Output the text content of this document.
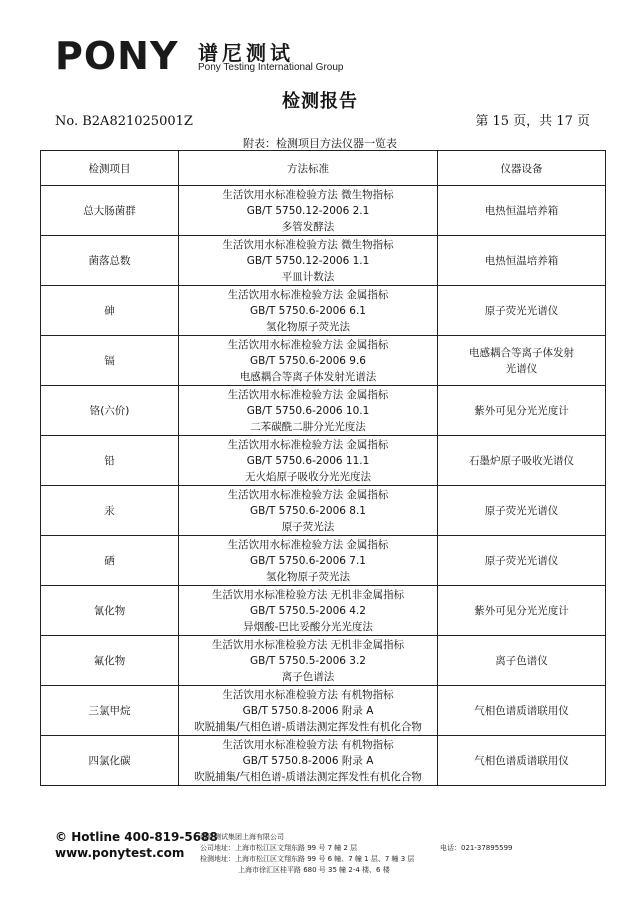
PONY 谱尼测试
Pony Testing International Group
检测报告
No. B2A821025001Z	第 15 页，共 17 页
附表：检测项目方法仪器一览表
检测项目	方法标准	仪器设备
总大肠菌群	生活饮用水标准检验方法 微生物指标
GB/T 5750.12-2006 2.1
多管发酵法	电热恒温培养箱

菌落总数	生活饮用水标准检验方法 微生物指标
GB/T 5750.12-2006 1.1
平皿计数法	电热恒温培养箱

砷	生活饮用水标准检验方法 金属指标
GB/T 5750.6-2006 6.1
氢化物原子荧光法	原子荧光光谱仪

镉	生活饮用水标准检验方法 金属指标
GB/T 5750.6-2006 9.6
电感耦合等离子体发射光谱法	电感耦合等离子体发射
光谱仪

铬(六价)	生活饮用水标准检验方法 金属指标
GB/T 5750.6-2006 10.1
二苯碳酰二肼分光光度法	紫外可见分光光度计

铅	生活饮用水标准检验方法 金属指标
GB/T 5750.6-2006 11.1
无火焰原子吸收分光光度法	石墨炉原子吸收光谱仪

汞	生活饮用水标准检验方法 金属指标
GB/T 5750.6-2006 8.1
原子荧光法	原子荧光光谱仪

硒	生活饮用水标准检验方法 金属指标
GB/T 5750.6-2006 7.1
氢化物原子荧光法	原子荧光光谱仪

氰化物	生活饮用水标准检验方法 无机非金属指标
GB/T 5750.5-2006 4.2
异烟酸-巴比妥酸分光光度法	紫外可见分光光度计

氟化物	生活饮用水标准检验方法 无机非金属指标
GB/T 5750.5-2006 3.2
离子色谱法	离子色谱仪

三氯甲烷	生活饮用水标准检验方法 有机物指标
GB/T 5750.8-2006 附录 A
吹脱捕集/气相色谱-质谱法测定挥发性有机化合物	气相色谱质谱联用仪

四氯化碳	生活饮用水标准检验方法 有机物指标
GB/T 5750.8-2006 附录 A
吹脱捕集/气相色谱-质谱法测定挥发性有机化合物	气相色谱质谱联用仪
© Hotline 400-819-5688
www.ponytest.com
谱尼测试集团上海有限公司
公司地址：上海市松江区文翔东路 99 号 7 幢 2 层
检测地址：上海市松江区文翔东路 99 号 6 幢、7 幢 1 层、7 幢 3 层
上海市徐汇区桂平路 680 号 35 幢 2-4 楼、6 楼
电话：021-37895599
